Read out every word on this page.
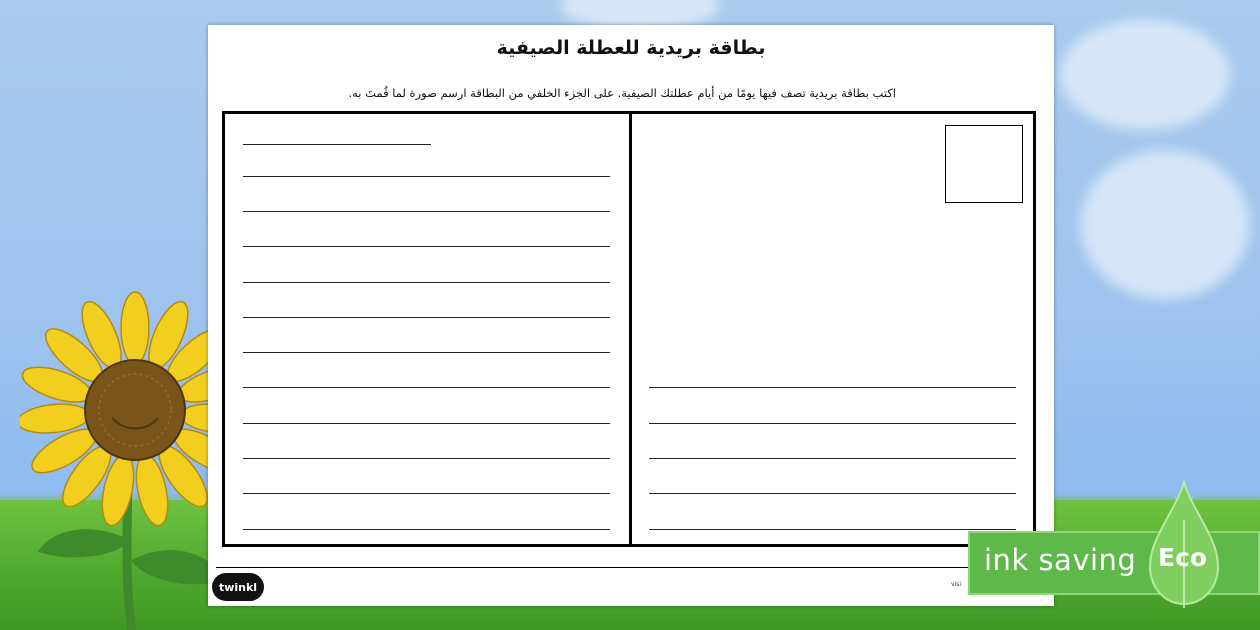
بطاقة بريدية للعطلة الصيفية
اكتب بطاقة بريدية تصف فيها يومًا من أيام عطلتك الصيفية. على الجزء الخلفي من البطاقة ارسم صورة لما قُمتَ به.
twinkl	visi
ink saving Eco
